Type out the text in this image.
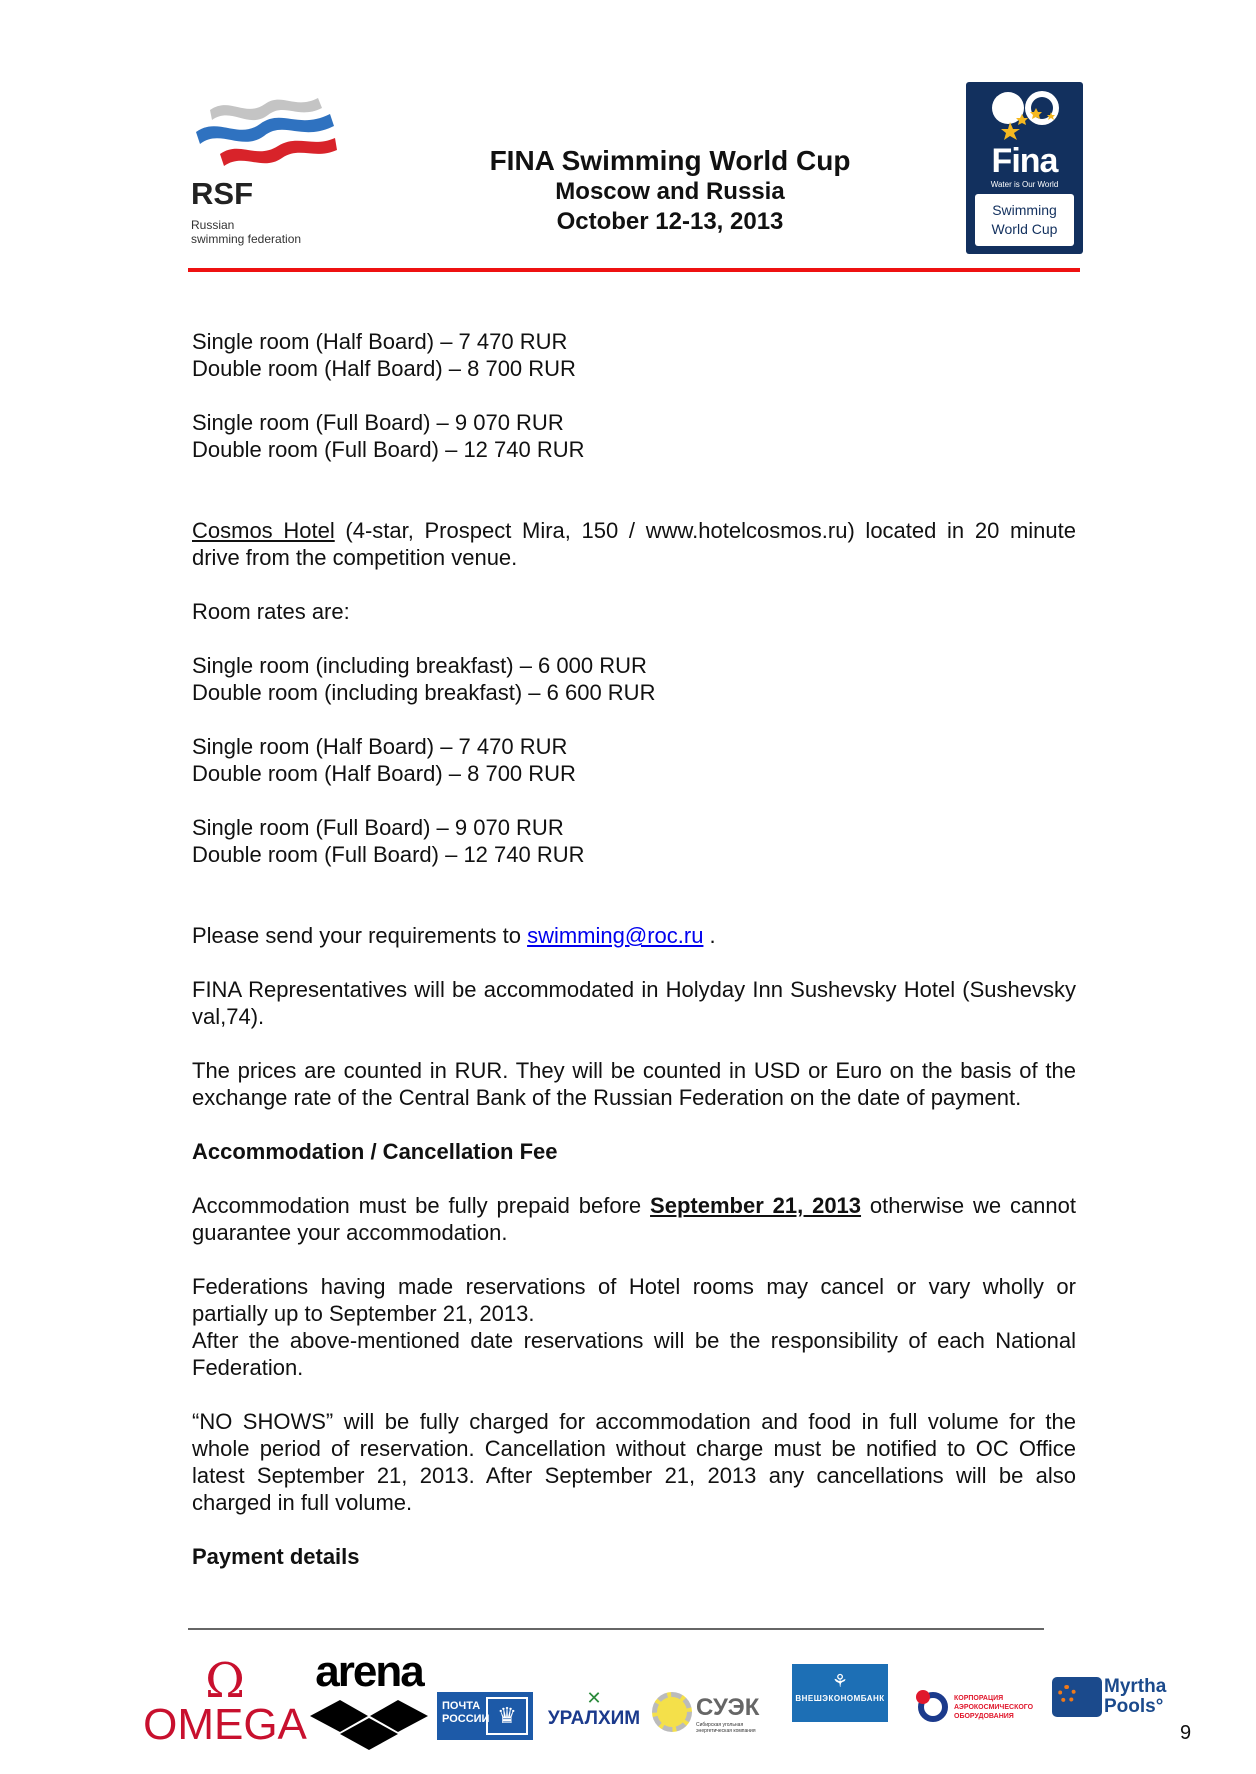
RSF
Russian
swimming federation
FINA Swimming World Cup
Moscow and Russia
October 12-13, 2013
Fina
Water is Our World
Swimming
World Cup

Single room (Half Board) – 7 470 RUR
Double room (Half Board) – 8 700 RUR

Single room (Full Board) – 9 070 RUR
Double room (Full Board) – 12 740 RUR

Cosmos Hotel (4-star, Prospect Mira, 150 / www.hotelcosmos.ru) located in 20 minute drive from the competition venue.

Room rates are:

Single room (including breakfast) – 6 000 RUR
Double room (including breakfast) – 6 600 RUR

Single room (Half Board) – 7 470 RUR
Double room (Half Board) – 8 700 RUR

Single room (Full Board) – 9 070 RUR
Double room (Full Board) – 12 740 RUR

Please send your requirements to swimming@roc.ru .

FINA Representatives will be accommodated in Holyday Inn Sushevsky Hotel (Sushevsky val,74).

The prices are counted in RUR. They will be counted in USD or Euro on the basis of the exchange rate of the Central Bank of the Russian Federation on the date of payment.

Accommodation / Cancellation Fee

Accommodation must be fully prepaid before September 21, 2013 otherwise we cannot guarantee your accommodation.

Federations having made reservations of Hotel rooms may cancel or vary wholly or partially up to September 21, 2013.

After the above-mentioned date reservations will be the responsibility of each National Federation.

“NO SHOWS” will be fully charged for accommodation and food in full volume for the whole period of reservation. Cancellation without charge must be notified to OC Office latest September 21, 2013. After September 21, 2013 any cancellations will be also charged in full volume.

Payment details
Ω
OMEGA
arena
ПОЧТА РОССИИ ♛
✕
УРАЛХИМ СУЭК
Сибирская угольная энергетическая компания
⚘
ВНЕШЭКОНОМБАНК	КОРПОРАЦИЯ АЭРОКОСМИЧЕСКОГО ОБОРУДОВАНИЯ
Myrtha
Pools°
9
